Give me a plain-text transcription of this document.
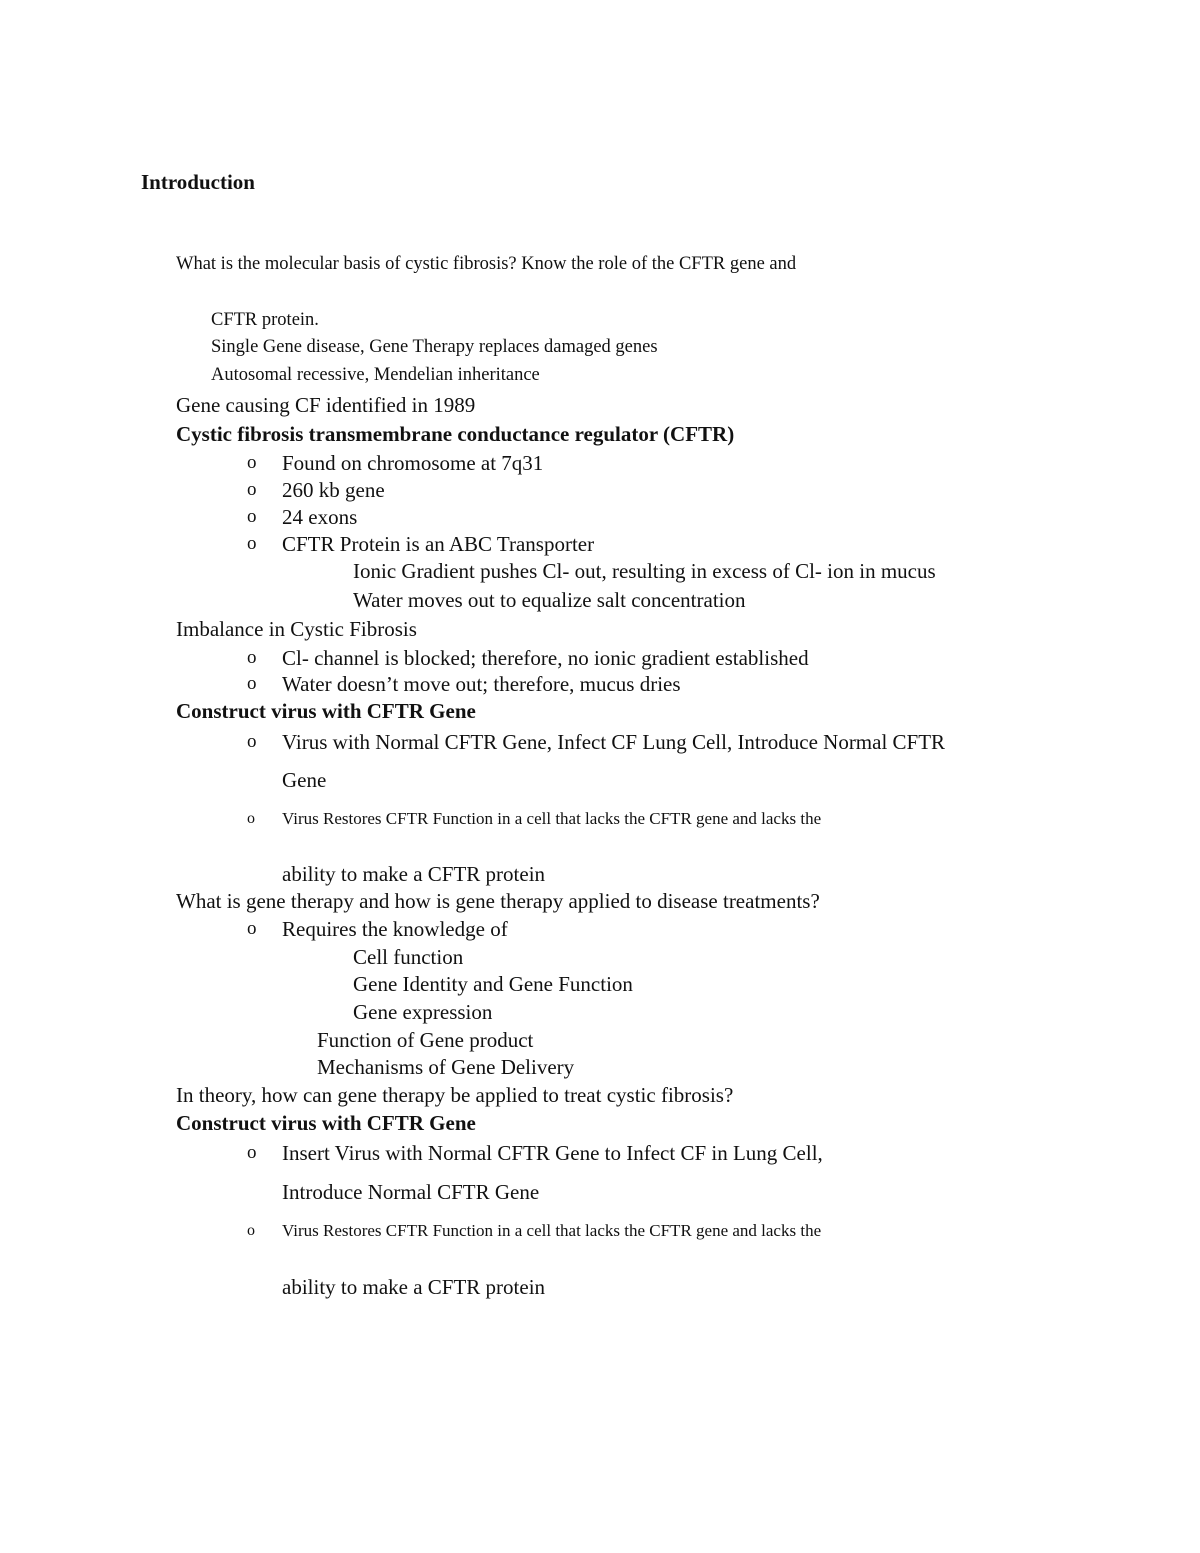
Introduction
What is the molecular basis of cystic fibrosis? Know the role of the CFTR gene and
CFTR protein.
Single Gene disease, Gene Therapy replaces damaged genes
Autosomal recessive, Mendelian inheritance
Gene causing CF identified in 1989
Cystic fibrosis transmembrane conductance regulator (CFTR)
o Found on chromosome at 7q31
o 260 kb gene
o 24 exons
o CFTR Protein is an ABC Transporter
Ionic Gradient pushes Cl- out, resulting in excess of Cl- ion in mucus
Water moves out to equalize salt concentration
Imbalance in Cystic Fibrosis
o Cl- channel is blocked; therefore, no ionic gradient established
o Water doesn’t move out; therefore, mucus dries
Construct virus with CFTR Gene
o Virus with Normal CFTR Gene, Infect CF Lung Cell, Introduce Normal CFTR
Gene
o Virus Restores CFTR Function in a cell that lacks the CFTR gene and lacks the
ability to make a CFTR protein
What is gene therapy and how is gene therapy applied to disease treatments?
o Requires the knowledge of
Cell function
Gene Identity and Gene Function
Gene expression
Function of Gene product
Mechanisms of Gene Delivery
In theory, how can gene therapy be applied to treat cystic fibrosis?
Construct virus with CFTR Gene
o Insert Virus with Normal CFTR Gene to Infect CF in Lung Cell,
Introduce Normal CFTR Gene
o Virus Restores CFTR Function in a cell that lacks the CFTR gene and lacks the
ability to make a CFTR protein
